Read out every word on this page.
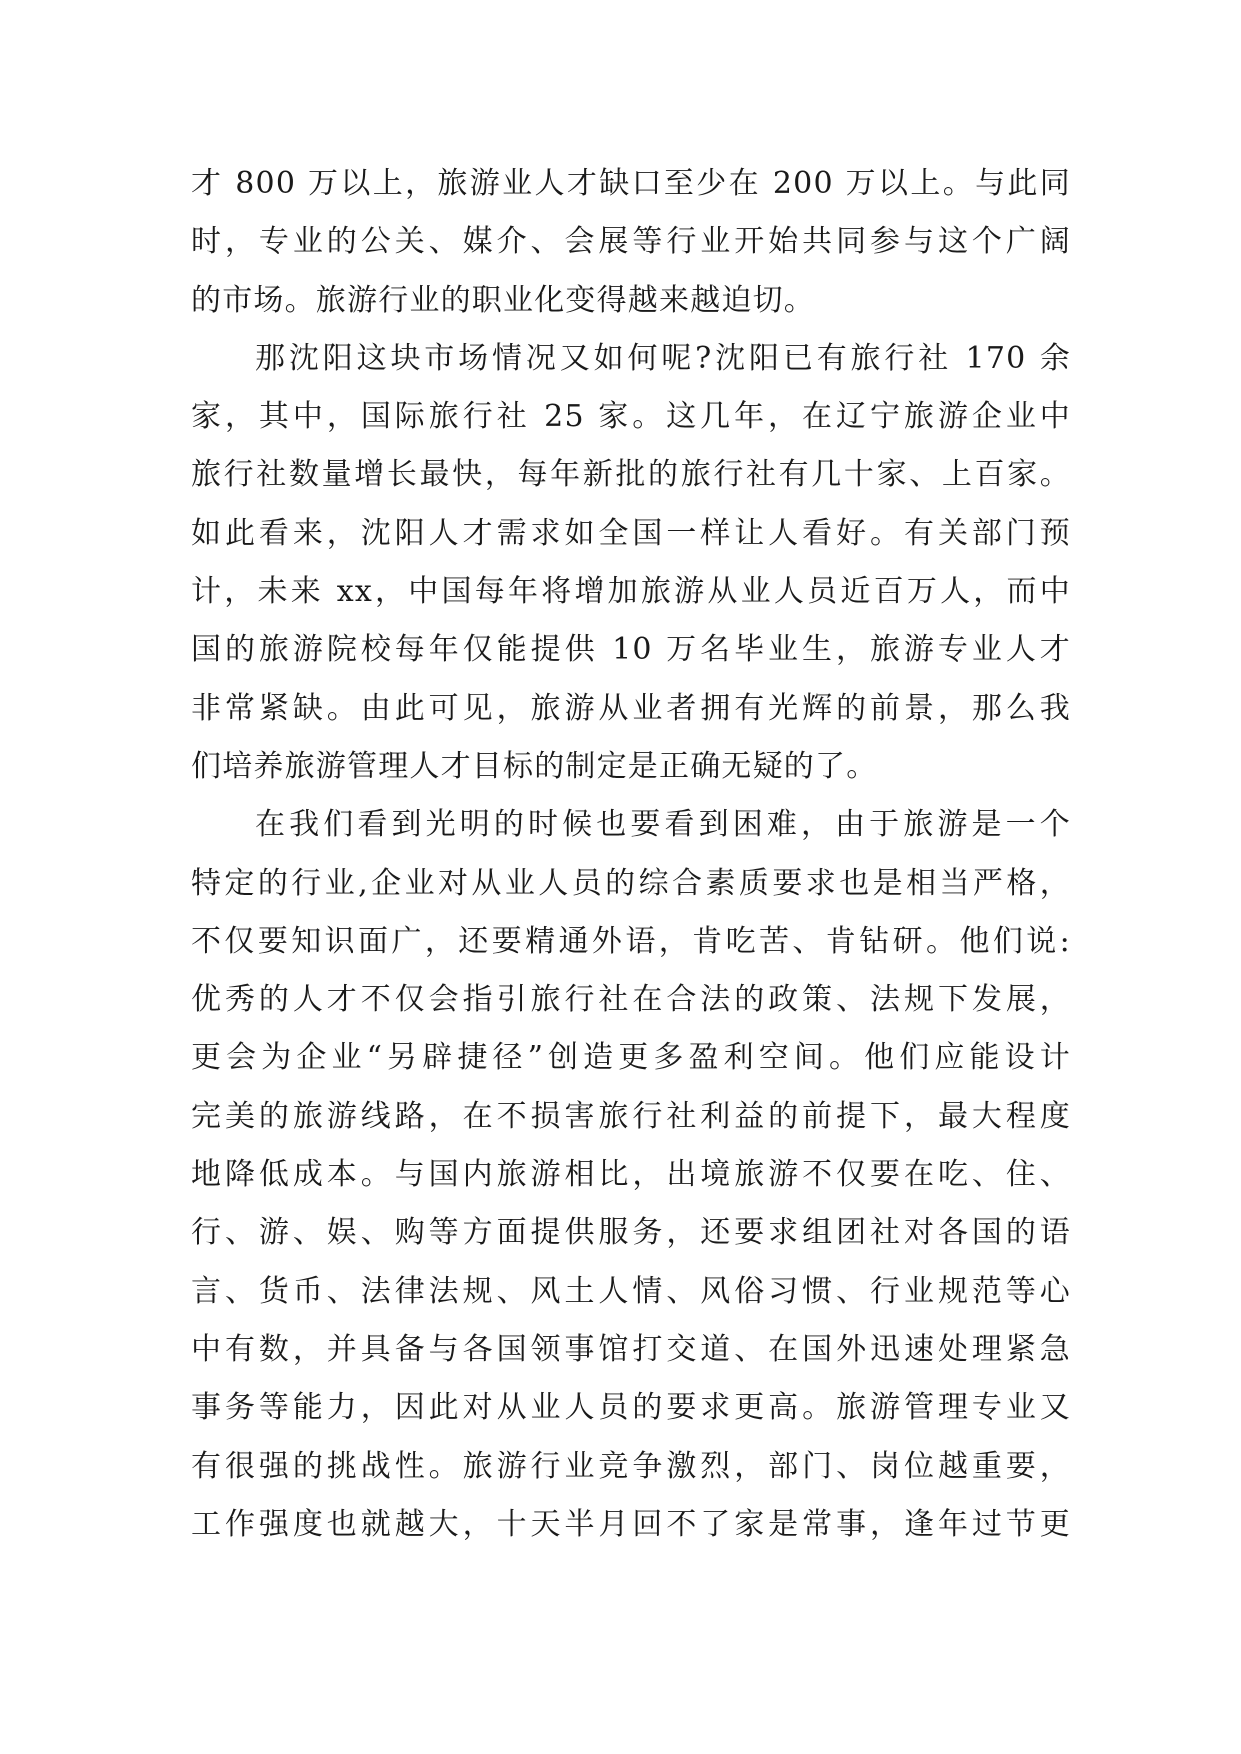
才 800 万以上，旅游业人才缺口至少在 200 万以上。与此同
时，专业的公关、媒介、会展等行业开始共同参与这个广阔
的市场。旅游行业的职业化变得越来越迫切。
那沈阳这块市场情况又如何呢?沈阳已有旅行社 170 余
家，其中，国际旅行社 25 家。这几年，在辽宁旅游企业中
旅行社数量增长最快，每年新批的旅行社有几十家、上百家。
如此看来，沈阳人才需求如全国一样让人看好。有关部门预
计，未来 xx，中国每年将增加旅游从业人员近百万人，而中
国的旅游院校每年仅能提供 10 万名毕业生，旅游专业人才
非常紧缺。由此可见，旅游从业者拥有光辉的前景，那么我
们培养旅游管理人才目标的制定是正确无疑的了。
在我们看到光明的时候也要看到困难，由于旅游是一个
特定的行业,企业对从业人员的综合素质要求也是相当严格，
不仅要知识面广，还要精通外语，肯吃苦、肯钻研。他们说:
优秀的人才不仅会指引旅行社在合法的政策、法规下发展，
更会为企业“另辟捷径”创造更多盈利空间。他们应能设计
完美的旅游线路，在不损害旅行社利益的前提下，最大程度
地降低成本。与国内旅游相比，出境旅游不仅要在吃、住、
行、游、娱、购等方面提供服务，还要求组团社对各国的语
言、货币、法律法规、风土人情、风俗习惯、行业规范等心
中有数，并具备与各国领事馆打交道、在国外迅速处理紧急
事务等能力，因此对从业人员的要求更高。旅游管理专业又
有很强的挑战性。旅游行业竞争激烈，部门、岗位越重要，
工作强度也就越大，十天半月回不了家是常事，逢年过节更
